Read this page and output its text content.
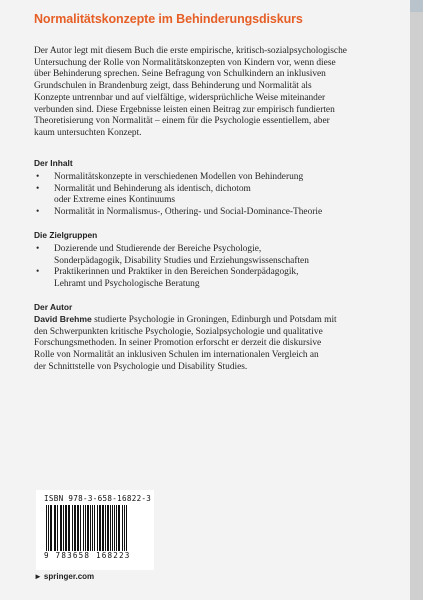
Normalitätskonzepte im Behinderungsdiskurs

Der Autor legt mit diesem Buch die erste empirische, kritisch-sozialpsychologische
Untersuchung der Rolle von Normalitätskonzepten von Kindern vor, wenn diese
über Behinderung sprechen. Seine Befragung von Schulkindern an inklusiven
Grundschulen in Brandenburg zeigt, dass Behinderung und Normalität als
Konzepte untrennbar und auf vielfältige, widersprüchliche Weise miteinander
verbunden sind. Diese Ergebnisse leisten einen Beitrag zur empirisch fundierten
Theoretisierung von Normalität – einem für die Psychologie essentiellem, aber
kaum untersuchten Konzept.

Der Inhalt
• Normalitätskonzepte in verschiedenen Modellen von Behinderung
• Normalität und Behinderung als identisch, dichotom
oder Extreme eines Kontinuums
• Normalität in Normalismus-, Othering- und Social-Dominance-Theorie
Die Zielgruppen
• Dozierende und Studierende der Bereiche Psychologie,
Sonderpädagogik, Disability Studies und Erziehungswissenschaften
• Praktikerinnen und Praktiker in den Bereichen Sonderpädagogik,
Lehramt und Psychologische Beratung
Der Autor

David Brehme studierte Psychologie in Groningen, Edinburgh und Potsdam mit
den Schwerpunkten kritische Psychologie, Sozialpsychologie und qualitative
Forschungsmethoden. In seiner Promotion erforscht er derzeit die diskursive
Rolle von Normalität an inklusiven Schulen im internationalen Vergleich an
der Schnittstelle von Psychologie und Disability Studies.

ISBN 978-3-658-16822-3

9 783658 168223

► springer.com
